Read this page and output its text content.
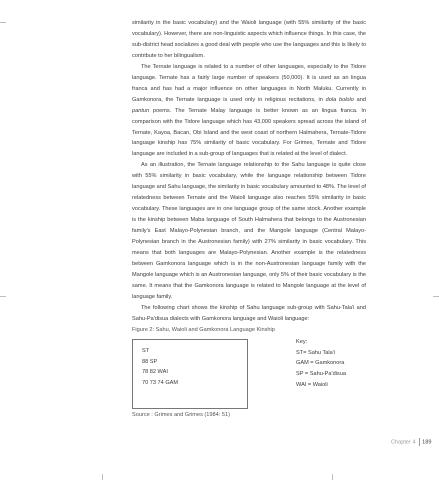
similarity in the basic vocabulary) and the Waioli language (with 55% similarity of the basic vocabulary). However, there are non-linguistic aspects which influence things. In this case, the sub-district head socializes a good deal with people who use the languages and this is likely to contribute to her bilingualism.

The Ternate language is related to a number of other languages, especially to the Tidore language. Ternate has a fairly large number of speakers (50,000). It is used as an lingua franca and has had a major influence on other languages in North Maluku. Currently in Gamkonora, the Ternate language is used only in religious recitations, in dola bololo and pantun poems. The Ternate Malay language is better known as an lingua franca. In comparison with the Tidore language which has 43,000 speakers spread across the island of Ternate, Kayoa, Bacan, Obi Island and the west coast of northern Halmahera, Ternate-Tidore language kinship has 75% similarity of basic vocabulary. For Grimes, Ternate and Tidore language are included in a sub-group of languages that is related at the level of dialect.

As an illustration, the Ternate language relationship to the Sahu language is quite close with 55% similarity in basic vocabulary, while the language relationship between Tidore language and Sahu language, the similarity in basic vocabulary amounted to 48%. The level of relatedness between Ternate and the Waioli language also reaches 55% similarity in basic vocabulary. These languages are in one language group of the same stock. Another example is the kinship between Maba language of South Halmahera that belongs to the Austronesian family's East Malayo-Polynesian branch, and the Mangole language (Central Malayo-Polynesian branch in the Austronesian family) with 27% similarity in basic vocabulary. This means that both languages are Malayo-Polynesian. Another example is the relatedness between Gamkonora language which is in the non-Austronesian language family with the Mangole language which is an Austronesian language, only 5% of their basic vocabulary is the same. It means that the Gamkonora language is related to Mangole language at the level of language family.

The following chart shows the kinship of Sahu language sub-group with Sahu-Tala'i and Sahu-Pa'disua dialects with Gamkonora language and Waioli language:

Figure 2: Sahu, Waioli and Gamkonora Language Kinship
ST
88 SP
78 82 WAI
70 73 74 GAM
Key:
ST= Sahu Tala'i
GAM = Gamkonora
SP = Sahu-Pa'disua
WAI = Waioli
Source : Grimes and Grimes (1984: 51)
Chapter 4 189
